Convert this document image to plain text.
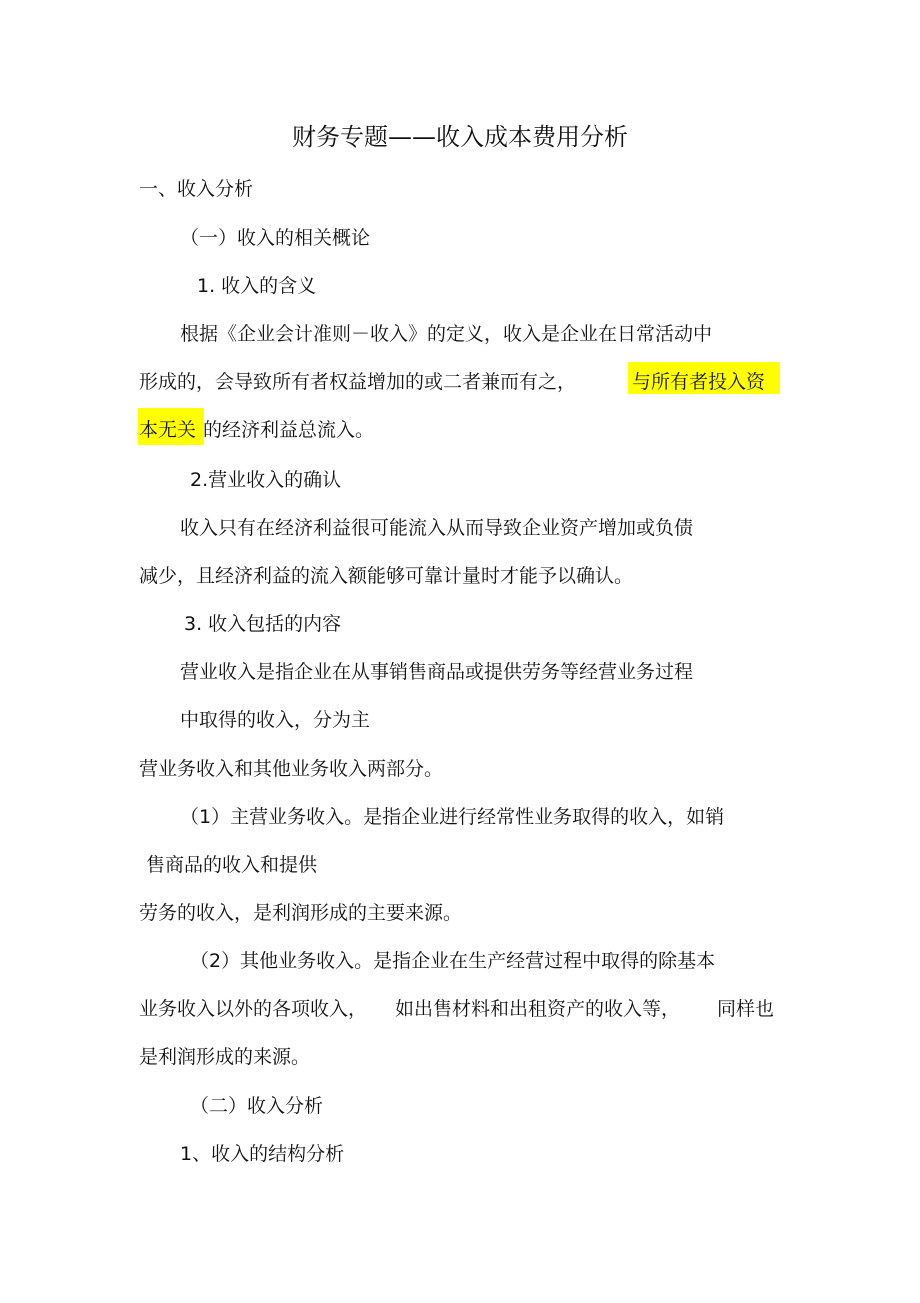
财务专题——收入成本费用分析
一、收入分析
（一）收入的相关概论
1. 收入的含义
根据《企业会计准则－收入》的定义，收入是企业在日常活动中
形成的，会导致所有者权益增加的或二者兼而有之，	与所有者投入资
本无关 的经济利益总流入。
2.营业收入的确认
收入只有在经济利益很可能流入从而导致企业资产增加或负债
减少，且经济利益的流入额能够可靠计量时才能予以确认。
3. 收入包括的内容
营业收入是指企业在从事销售商品或提供劳务等经营业务过程
中取得的收入，分为主
营业务收入和其他业务收入两部分。
（1）主营业务收入。是指企业进行经常性业务取得的收入，如销
售商品的收入和提供
劳务的收入，是利润形成的主要来源。
（2）其他业务收入。是指企业在生产经营过程中取得的除基本
业务收入以外的各项收入， 如出售材料和出租资产的收入等， 同样也
是利润形成的来源。
（二）收入分析
1、收入的结构分析
